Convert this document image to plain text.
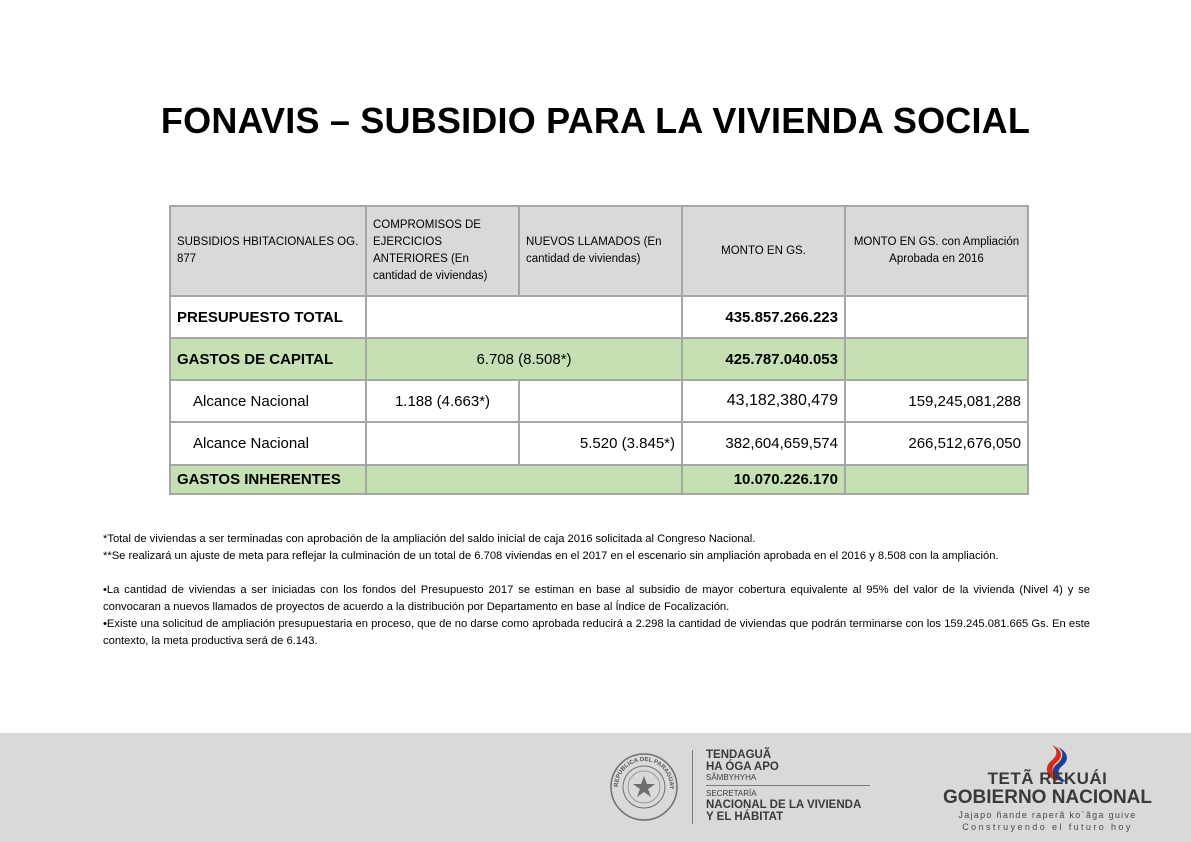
FONAVIS – SUBSIDIO PARA LA VIVIENDA SOCIAL
SUBSIDIOS HBITACIONALES OG. 877	COMPROMISOS DE EJERCICIOS ANTERIORES (En cantidad de viviendas)	NUEVOS LLAMADOS (En cantidad de viviendas)	MONTO EN GS.	MONTO EN GS. con Ampliación Aprobada en 2016
PRESUPUESTO TOTAL			435.857.266.223	
GASTOS DE CAPITAL	6.708 (8.508*)		425.787.040.053	
Alcance Nacional	1.188 (4.663*)		43,182,380,479	159,245,081,288
Alcance Nacional		5.520 (3.845*)	382,604,659,574	266,512,676,050
GASTOS INHERENTES			10.070.226.170	

*Total de viviendas a ser terminadas con aprobación de la ampliación del saldo inicial de caja 2016 solicitada al Congreso Nacional.

**Se realizará un ajuste de meta para reflejar la culminación de un total de 6.708 viviendas en el 2017 en el escenario sin ampliación aprobada en el 2016 y 8.508 con la ampliación.

•La cantidad de viviendas a ser iniciadas con los fondos del Presupuesto 2017 se estiman en base al subsidio de mayor cobertura equivalente al 95% del valor de la vivienda (Nivel 4) y se convocaran a nuevos llamados de proyectos de acuerdo a la distribución por Departamento en base al Índice de Focalización.

•Existe una solicitud de ampliación presupuestaria en proceso, que de no darse como aprobada reducirá a 2.298 la cantidad de viviendas que podrán terminarse con los 159.245.081.665 Gs. En este contexto, la meta productiva será de 6.143.

REPÚBLICA DEL PARAGUAY
TENDAGUÃ
HA ÓGA APO
SÃMBYHYHA
SECRETARÍA
NACIONAL DE LA VIVIENDA
Y EL HÁBITAT
TETÃ REKUÁI
GOBIERNO NACIONAL
Jajapo ñande raperã ko`ãga guive
Construyendo el futuro hoy
